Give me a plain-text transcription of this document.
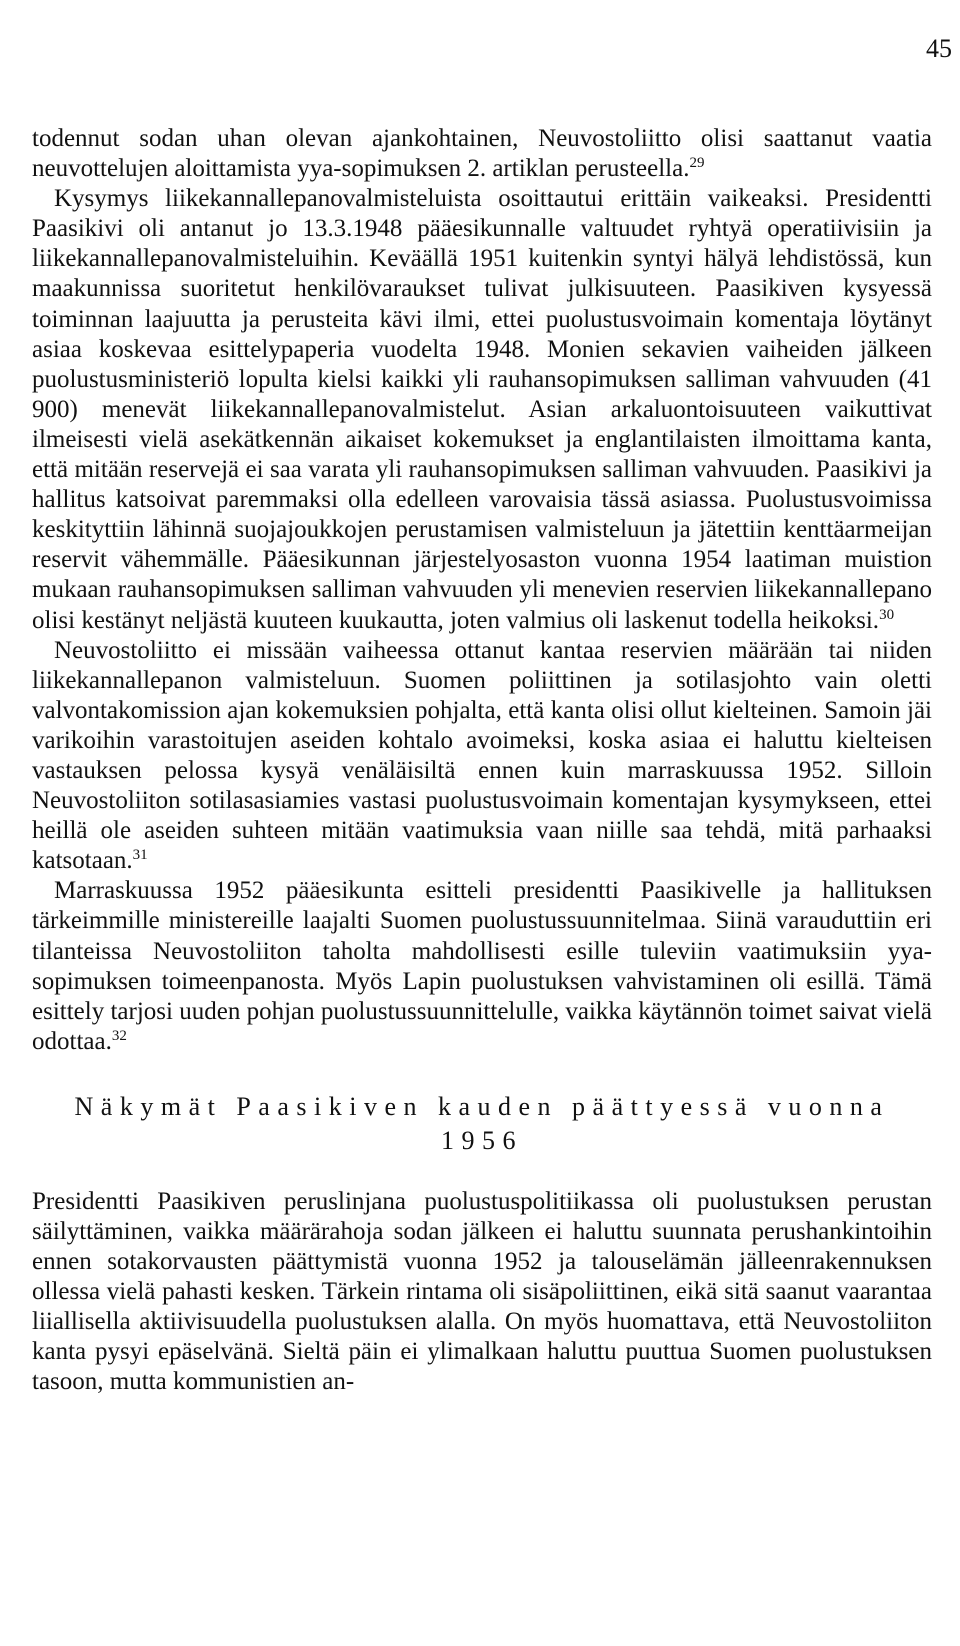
45

todennut sodan uhan olevan ajankohtainen, Neuvostoliitto olisi saattanut vaatia neuvottelujen aloittamista yya-sopimuksen 2. artiklan perusteella.$^{29}$

Kysymys liikekannallepanovalmisteluista osoittautui erittäin vaikeaksi. Presidentti Paasikivi oli antanut jo 13.3.1948 pääesikunnalle valtuudet ryhtyä operatiivisiin ja liikekannallepanovalmisteluihin. Keväällä 1951 kuitenkin syntyi hälyä lehdistössä, kun maakunnissa suoritetut henkilövaraukset tulivat julkisuuteen. Paasikiven kysyessä toiminnan laajuutta ja perusteita kävi ilmi, ettei puolustusvoimain komentaja löytänyt asiaa koskevaa esittelypaperia vuodelta 1948. Monien sekavien vaiheiden jälkeen puolustusministeriö lopulta kielsi kaikki yli rauhansopimuksen salliman vahvuuden (41 900) menevät liikekannallepanovalmistelut. Asian arkaluontoisuuteen vaikuttivat ilmeisesti vielä asekätkennän aikaiset kokemukset ja englantilaisten ilmoittama kanta, että mitään reservejä ei saa varata yli rauhansopimuksen salliman vahvuuden. Paasikivi ja hallitus katsoivat paremmaksi olla edelleen varovaisia tässä asiassa. Puolustusvoimissa keskityttiin lähinnä suojajoukkojen perustamisen valmisteluun ja jätettiin kenttäarmeijan reservit vähemmälle. Pääesikunnan järjestelyosaston vuonna 1954 laatiman muistion mukaan rauhansopimuksen salliman vahvuuden yli menevien reservien liikekannallepano olisi kestänyt neljästä kuuteen kuukautta, joten valmius oli laskenut todella heikoksi.$^{30}$

Neuvostoliitto ei missään vaiheessa ottanut kantaa reservien määrään tai niiden liikekannallepanon valmisteluun. Suomen poliittinen ja sotilasjohto vain oletti valvontakomission ajan kokemuksien pohjalta, että kanta olisi ollut kielteinen. Samoin jäi varikoihin varastoitujen aseiden kohtalo avoimeksi, koska asiaa ei haluttu kielteisen vastauksen pelossa kysyä venäläisiltä ennen kuin marraskuussa 1952. Silloin Neuvostoliiton sotilasasiamies vastasi puolustusvoimain komentajan kysymykseen, ettei heillä ole aseiden suhteen mitään vaatimuksia vaan niille saa tehdä, mitä parhaaksi katsotaan.$^{31}$

Marraskuussa 1952 pääesikunta esitteli presidentti Paasikivelle ja hallituksen tärkeimmille ministereille laajalti Suomen puolustussuunnitelmaa. Siinä varauduttiin eri tilanteissa Neuvostoliiton taholta mahdollisesti esille tuleviin vaatimuksiin yya-sopimuksen toimeenpanosta. Myös Lapin puolustuksen vahvistaminen oli esillä. Tämä esittely tarjosi uuden pohjan puolustussuunnittelulle, vaikka käytännön toimet saivat vielä odottaa.$^{32}$

Näkymät Paasikiven kauden päättyessä vuonna
1956

Presidentti Paasikiven peruslinjana puolustuspolitiikassa oli puolustuksen perustan säilyttäminen, vaikka määrärahoja sodan jälkeen ei haluttu suunnata perushankintoihin ennen sotakorvausten päättymistä vuonna 1952 ja talouselämän jälleenrakennuksen ollessa vielä pahasti kesken. Tärkein rintama oli sisäpoliittinen, eikä sitä saanut vaarantaa liiallisella aktiivisuudella puolustuksen alalla. On myös huomattava, että Neuvostoliiton kanta pysyi epäselvänä. Sieltä päin ei ylimalkaan haluttu puuttua Suomen puolustuksen tasoon, mutta kommunistien an-
